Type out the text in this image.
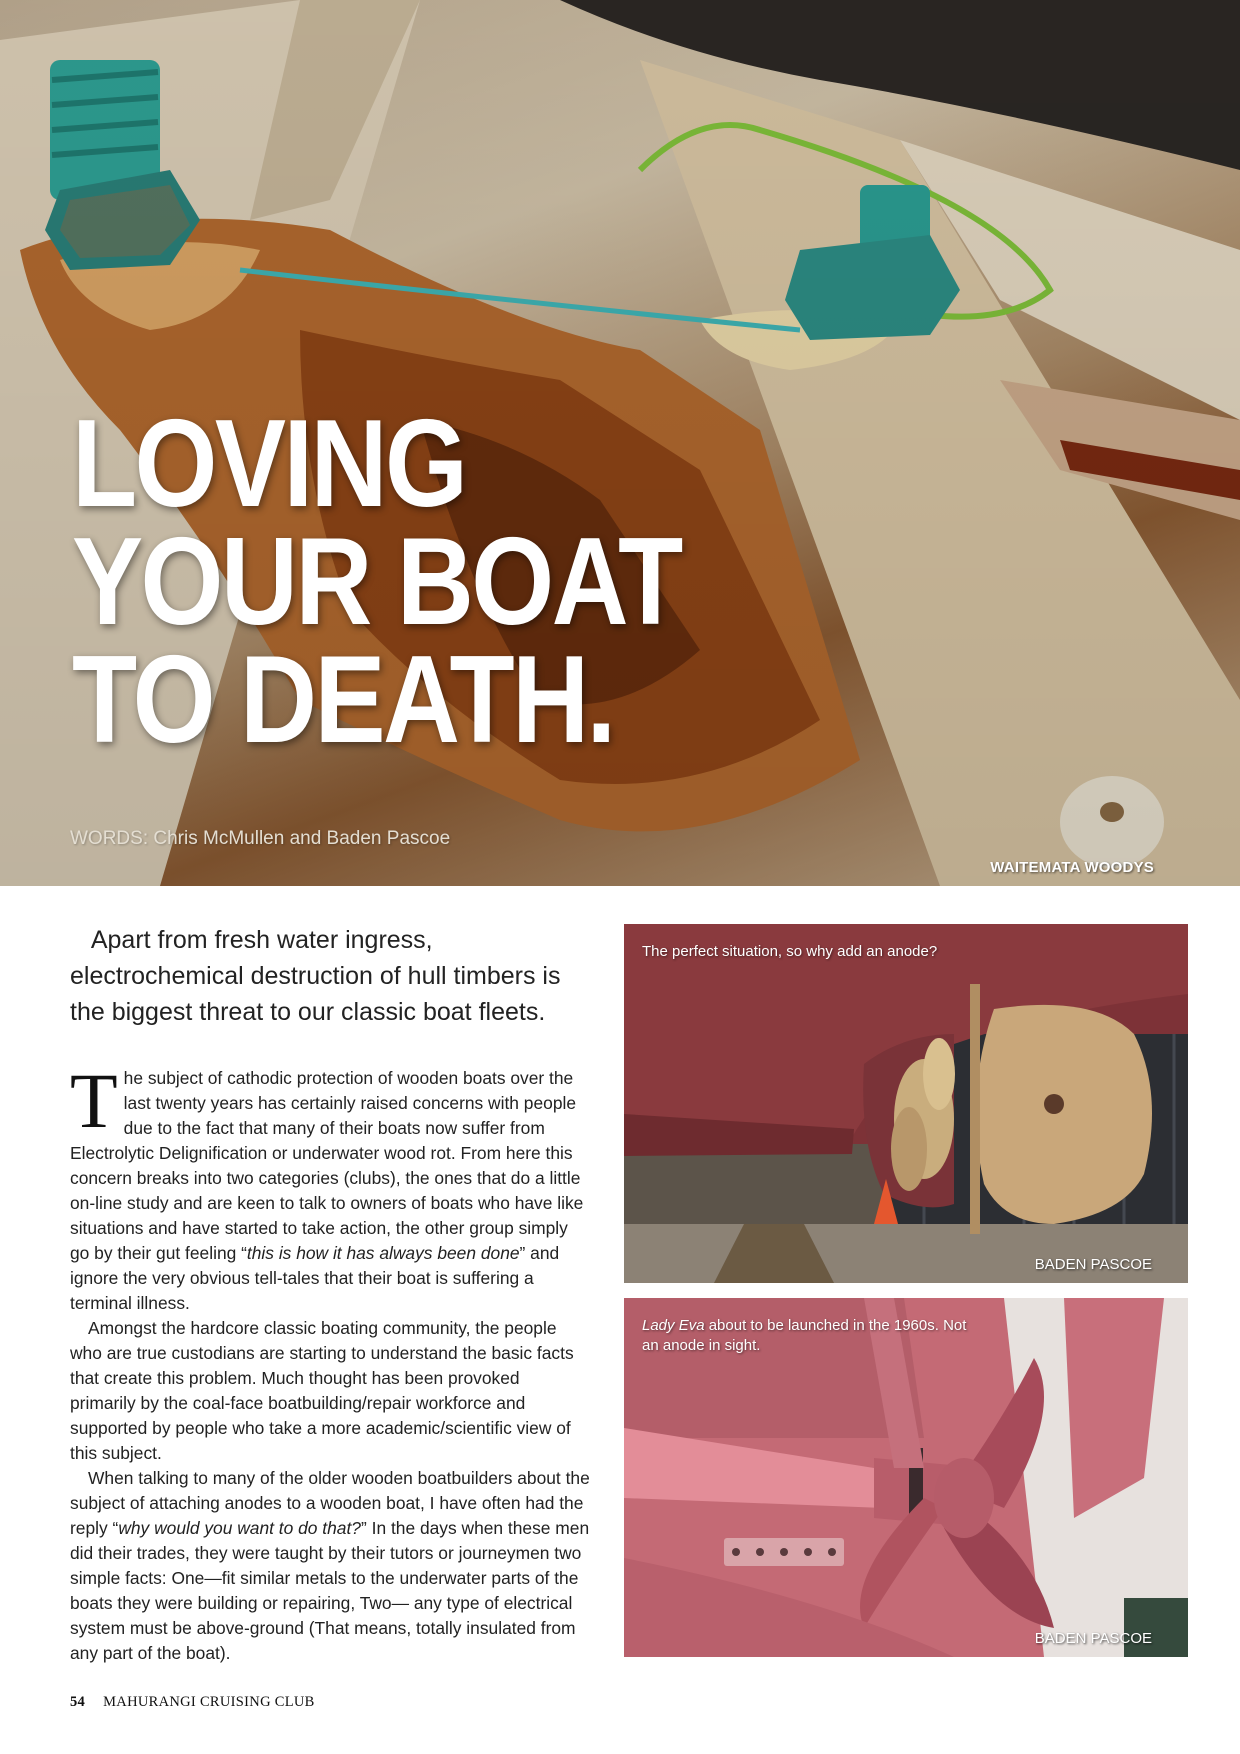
LOVING
YOUR BOAT
TO DEATH.
WORDS: Chris McMullen and Baden Pascoe
WAITEMATA WOODYS

Apart from fresh water ingress, electrochemical destruction of hull timbers is the biggest threat to our classic boat fleets.

The subject of cathodic protection of wooden boats over the last twenty years has certainly raised concerns with people due to the fact that many of their boats now suffer from Electrolytic Delignification or underwater wood rot. From here this concern breaks into two categories (clubs), the ones that do a little on-line study and are keen to talk to owners of boats who have like situations and have started to take action, the other group simply go by their gut feeling “this is how it has always been done” and ignore the very obvious tell-tales that their boat is suffering a terminal illness.

Amongst the hardcore classic boating community, the people who are true custodians are starting to understand the basic facts that create this problem. Much thought has been provoked primarily by the coal-face boatbuilding/repair workforce and supported by people who take a more academic/scientific view of this subject.

When talking to many of the older wooden boatbuilders about the subject of attaching anodes to a wooden boat, I have often had the reply “why would you want to do that?” In the days when these men did their trades, they were taught by their tutors or journeymen two simple facts: One—fit similar metals to the underwater parts of the boats they were building or repairing, Two— any type of electrical system must be above-ground (That means, totally insulated from any part of the boat).

The perfect situation, so why add an anode?
BADEN PASCOE
Lady Eva about to be launched in the 1960s. Not an anode in sight.
BADEN PASCOE
54 MAHURANGI CRUISING CLUB
